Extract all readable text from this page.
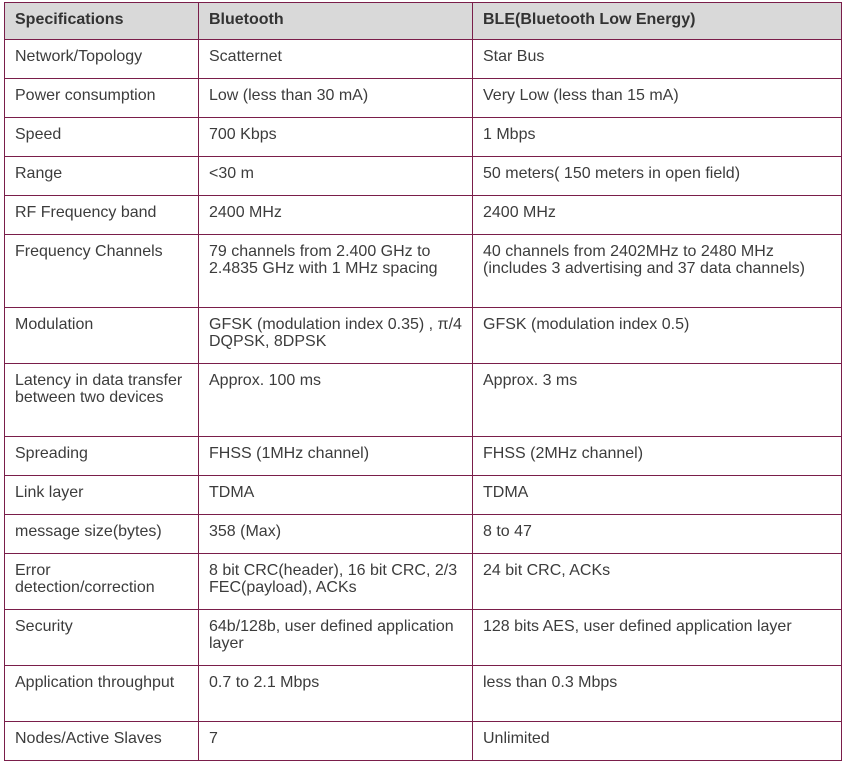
Specifications	Bluetooth	BLE(Bluetooth Low Energy)
Network/Topology	Scatternet	Star Bus
Power consumption	Low (less than 30 mA)	Very Low (less than 15 mA)
Speed	700 Kbps	1 Mbps
Range	<30 m	50 meters( 150 meters in open field)
RF Frequency band	2400 MHz	2400 MHz
Frequency Channels	79 channels from 2.400 GHz to 2.4835 GHz with 1 MHz spacing	40 channels from 2402MHz to 2480 MHz (includes 3 advertising and 37 data channels)
Modulation	GFSK (modulation index 0.35) , π/4 DQPSK, 8DPSK	GFSK (modulation index 0.5)
Latency in data transfer between two devices	Approx. 100 ms	Approx. 3 ms
Spreading	FHSS (1MHz channel)	FHSS (2MHz channel)
Link layer	TDMA	TDMA
message size(bytes)	358 (Max)	8 to 47
Error detection/correction	8 bit CRC(header), 16 bit CRC, 2/3 FEC(payload), ACKs	24 bit CRC, ACKs
Security	64b/128b, user defined application layer	128 bits AES, user defined application layer
Application throughput	0.7 to 2.1 Mbps	less than 0.3 Mbps
Nodes/Active Slaves	7	Unlimited
